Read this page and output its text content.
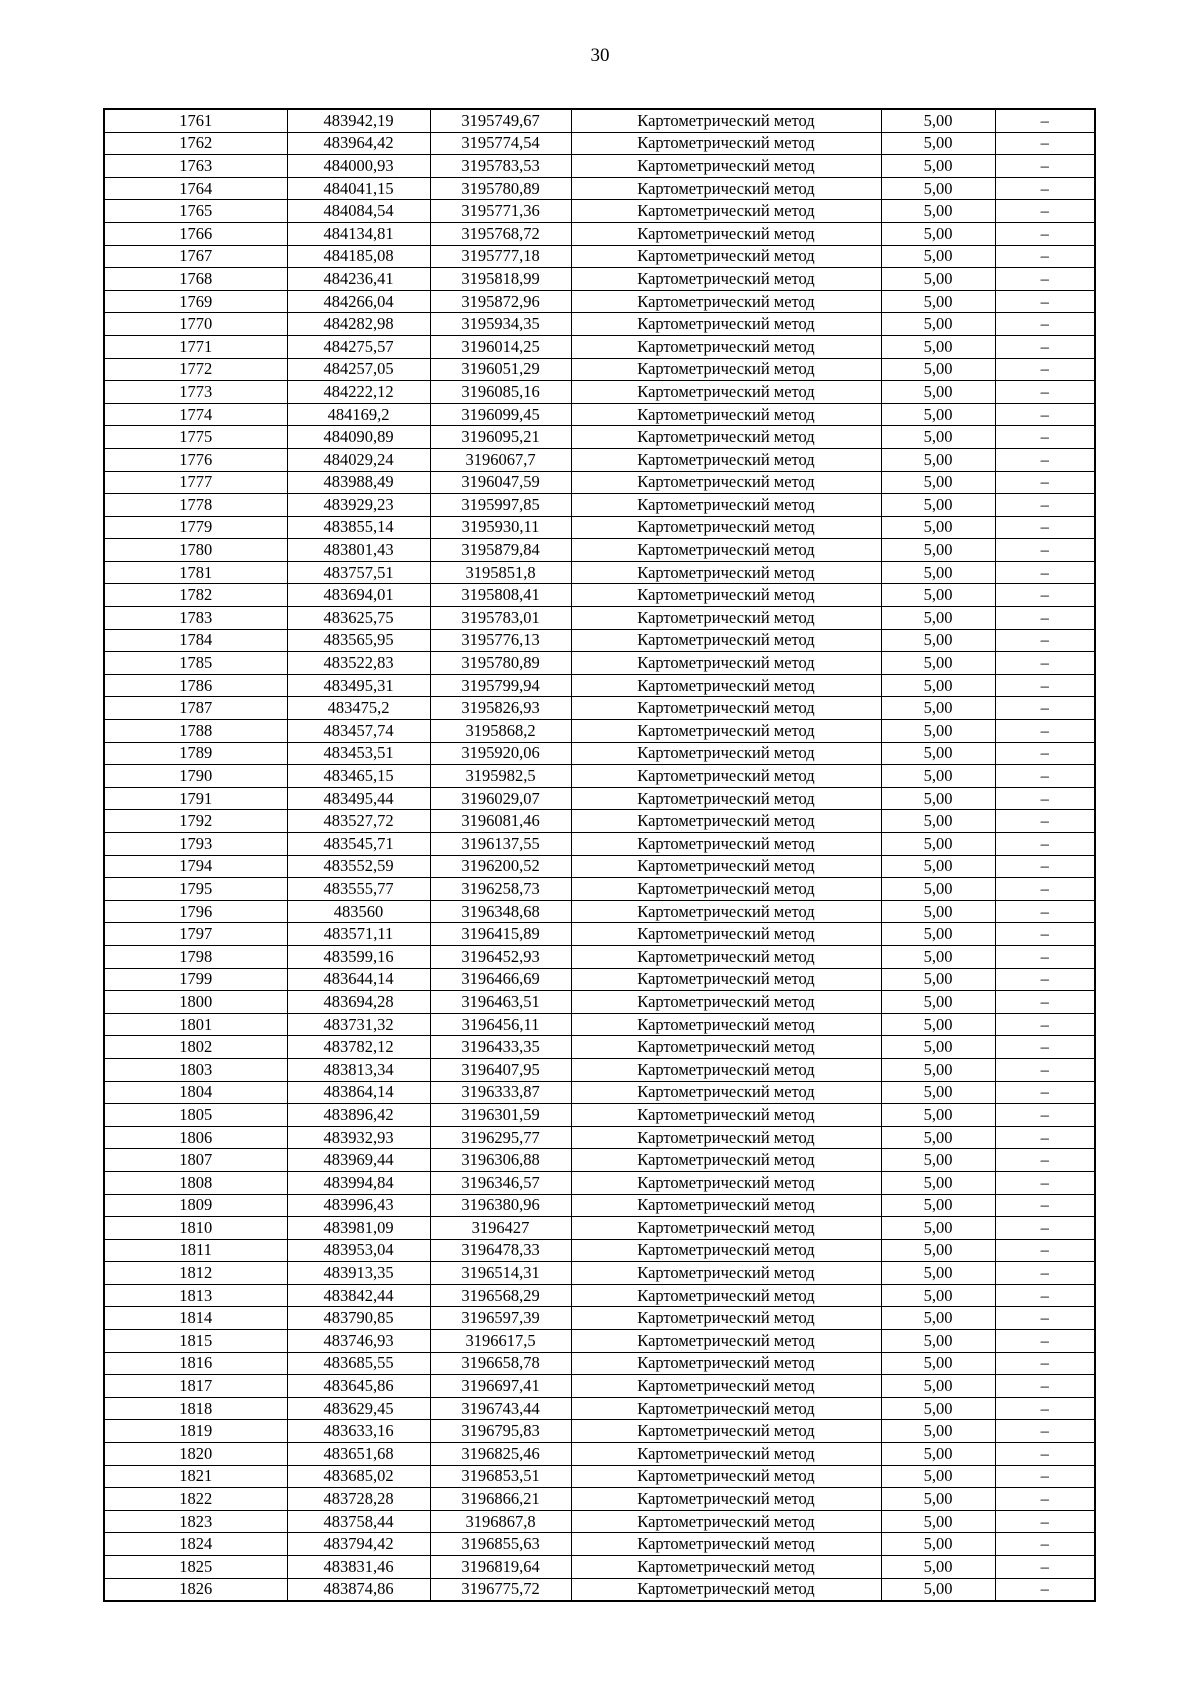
30
1761	483942,19	3195749,67	Картометрический метод	5,00	–
1762	483964,42	3195774,54	Картометрический метод	5,00	–
1763	484000,93	3195783,53	Картометрический метод	5,00	–
1764	484041,15	3195780,89	Картометрический метод	5,00	–
1765	484084,54	3195771,36	Картометрический метод	5,00	–
1766	484134,81	3195768,72	Картометрический метод	5,00	–
1767	484185,08	3195777,18	Картометрический метод	5,00	–
1768	484236,41	3195818,99	Картометрический метод	5,00	–
1769	484266,04	3195872,96	Картометрический метод	5,00	–
1770	484282,98	3195934,35	Картометрический метод	5,00	–
1771	484275,57	3196014,25	Картометрический метод	5,00	–
1772	484257,05	3196051,29	Картометрический метод	5,00	–
1773	484222,12	3196085,16	Картометрический метод	5,00	–
1774	484169,2	3196099,45	Картометрический метод	5,00	–
1775	484090,89	3196095,21	Картометрический метод	5,00	–
1776	484029,24	3196067,7	Картометрический метод	5,00	–
1777	483988,49	3196047,59	Картометрический метод	5,00	–
1778	483929,23	3195997,85	Картометрический метод	5,00	–
1779	483855,14	3195930,11	Картометрический метод	5,00	–
1780	483801,43	3195879,84	Картометрический метод	5,00	–
1781	483757,51	3195851,8	Картометрический метод	5,00	–
1782	483694,01	3195808,41	Картометрический метод	5,00	–
1783	483625,75	3195783,01	Картометрический метод	5,00	–
1784	483565,95	3195776,13	Картометрический метод	5,00	–
1785	483522,83	3195780,89	Картометрический метод	5,00	–
1786	483495,31	3195799,94	Картометрический метод	5,00	–
1787	483475,2	3195826,93	Картометрический метод	5,00	–
1788	483457,74	3195868,2	Картометрический метод	5,00	–
1789	483453,51	3195920,06	Картометрический метод	5,00	–
1790	483465,15	3195982,5	Картометрический метод	5,00	–
1791	483495,44	3196029,07	Картометрический метод	5,00	–
1792	483527,72	3196081,46	Картометрический метод	5,00	–
1793	483545,71	3196137,55	Картометрический метод	5,00	–
1794	483552,59	3196200,52	Картометрический метод	5,00	–
1795	483555,77	3196258,73	Картометрический метод	5,00	–
1796	483560	3196348,68	Картометрический метод	5,00	–
1797	483571,11	3196415,89	Картометрический метод	5,00	–
1798	483599,16	3196452,93	Картометрический метод	5,00	–
1799	483644,14	3196466,69	Картометрический метод	5,00	–
1800	483694,28	3196463,51	Картометрический метод	5,00	–
1801	483731,32	3196456,11	Картометрический метод	5,00	–
1802	483782,12	3196433,35	Картометрический метод	5,00	–
1803	483813,34	3196407,95	Картометрический метод	5,00	–
1804	483864,14	3196333,87	Картометрический метод	5,00	–
1805	483896,42	3196301,59	Картометрический метод	5,00	–
1806	483932,93	3196295,77	Картометрический метод	5,00	–
1807	483969,44	3196306,88	Картометрический метод	5,00	–
1808	483994,84	3196346,57	Картометрический метод	5,00	–
1809	483996,43	3196380,96	Картометрический метод	5,00	–
1810	483981,09	3196427	Картометрический метод	5,00	–
1811	483953,04	3196478,33	Картометрический метод	5,00	–
1812	483913,35	3196514,31	Картометрический метод	5,00	–
1813	483842,44	3196568,29	Картометрический метод	5,00	–
1814	483790,85	3196597,39	Картометрический метод	5,00	–
1815	483746,93	3196617,5	Картометрический метод	5,00	–
1816	483685,55	3196658,78	Картометрический метод	5,00	–
1817	483645,86	3196697,41	Картометрический метод	5,00	–
1818	483629,45	3196743,44	Картометрический метод	5,00	–
1819	483633,16	3196795,83	Картометрический метод	5,00	–
1820	483651,68	3196825,46	Картометрический метод	5,00	–
1821	483685,02	3196853,51	Картометрический метод	5,00	–
1822	483728,28	3196866,21	Картометрический метод	5,00	–
1823	483758,44	3196867,8	Картометрический метод	5,00	–
1824	483794,42	3196855,63	Картометрический метод	5,00	–
1825	483831,46	3196819,64	Картометрический метод	5,00	–
1826	483874,86	3196775,72	Картометрический метод	5,00	–
